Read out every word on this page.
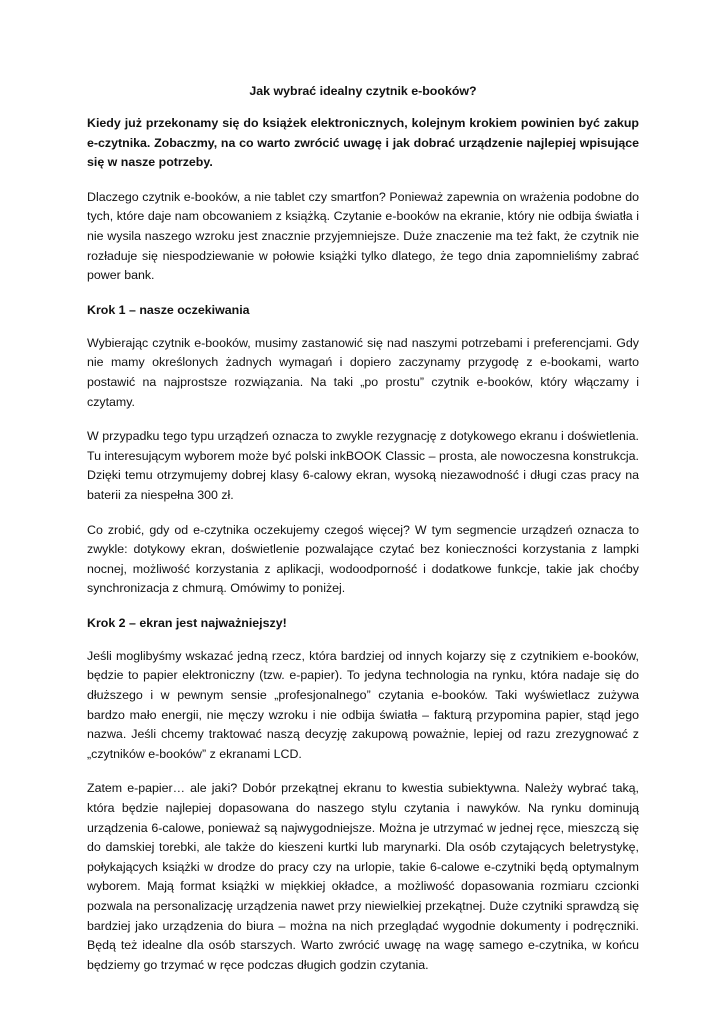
Jak wybrać idealny czytnik e-booków?

Kiedy już przekonamy się do książek elektronicznych, kolejnym krokiem powinien być zakup e-czytnika. Zobaczmy, na co warto zwrócić uwagę i jak dobrać urządzenie najlepiej wpisujące się w nasze potrzeby.

Dlaczego czytnik e-booków, a nie tablet czy smartfon? Ponieważ zapewnia on wrażenia podobne do tych, które daje nam obcowaniem z książką. Czytanie e-booków na ekranie, który nie odbija światła i nie wysila naszego wzroku jest znacznie przyjemniejsze. Duże znaczenie ma też fakt, że czytnik nie rozładuje się niespodziewanie w połowie książki tylko dlatego, że tego dnia zapomnieliśmy zabrać power bank.

Krok 1 – nasze oczekiwania

Wybierając czytnik e-booków, musimy zastanowić się nad naszymi potrzebami i preferencjami. Gdy nie mamy określonych żadnych wymagań i dopiero zaczynamy przygodę z e-bookami, warto postawić na najprostsze rozwiązania. Na taki „po prostu” czytnik e-booków, który włączamy i czytamy.

W przypadku tego typu urządzeń oznacza to zwykle rezygnację z dotykowego ekranu i doświetlenia. Tu interesującym wyborem może być polski inkBOOK Classic – prosta, ale nowoczesna konstrukcja. Dzięki temu otrzymujemy dobrej klasy 6-calowy ekran, wysoką niezawodność i długi czas pracy na baterii za niespełna 300 zł.

Co zrobić, gdy od e-czytnika oczekujemy czegoś więcej? W tym segmencie urządzeń oznacza to zwykle: dotykowy ekran, doświetlenie pozwalające czytać bez konieczności korzystania z lampki nocnej, możliwość korzystania z aplikacji, wodoodporność i dodatkowe funkcje, takie jak choćby synchronizacja z chmurą. Omówimy to poniżej.

Krok 2 – ekran jest najważniejszy!

Jeśli moglibyśmy wskazać jedną rzecz, która bardziej od innych kojarzy się z czytnikiem e-booków, będzie to papier elektroniczny (tzw. e-papier). To jedyna technologia na rynku, która nadaje się do dłuższego i w pewnym sensie „profesjonalnego” czytania e-booków. Taki wyświetlacz zużywa bardzo mało energii, nie męczy wzroku i nie odbija światła – fakturą przypomina papier, stąd jego nazwa. Jeśli chcemy traktować naszą decyzję zakupową poważnie, lepiej od razu zrezygnować z „czytników e-booków” z ekranami LCD.

Zatem e-papier… ale jaki? Dobór przekątnej ekranu to kwestia subiektywna. Należy wybrać taką, która będzie najlepiej dopasowana do naszego stylu czytania i nawyków. Na rynku dominują urządzenia 6-calowe, ponieważ są najwygodniejsze. Można je utrzymać w jednej ręce, mieszczą się do damskiej torebki, ale także do kieszeni kurtki lub marynarki. Dla osób czytających beletrystykę, połykających książki w drodze do pracy czy na urlopie, takie 6-calowe e-czytniki będą optymalnym wyborem. Mają format książki w miękkiej okładce, a możliwość dopasowania rozmiaru czcionki pozwala na personalizację urządzenia nawet przy niewielkiej przekątnej. Duże czytniki sprawdzą się bardziej jako urządzenia do biura – można na nich przeglądać wygodnie dokumenty i podręczniki. Będą też idealne dla osób starszych. Warto zwrócić uwagę na wagę samego e-czytnika, w końcu będziemy go trzymać w ręce podczas długich godzin czytania.
